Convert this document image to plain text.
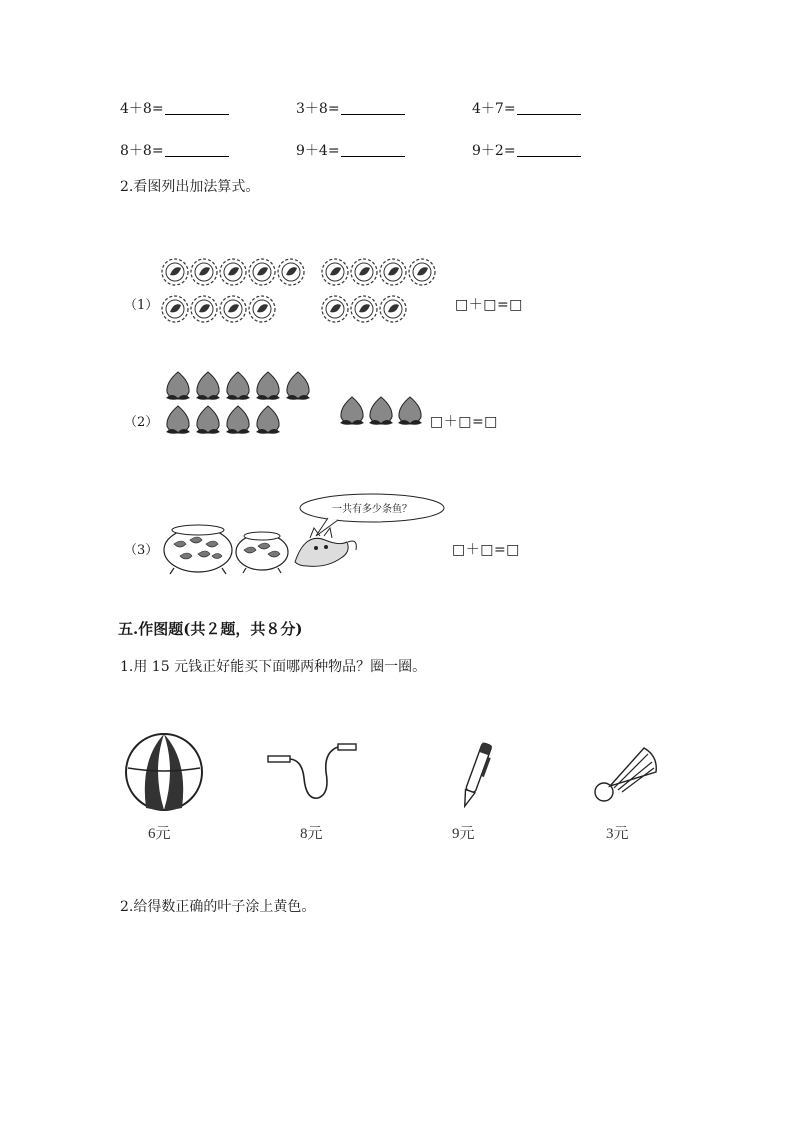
4＋8=	3＋8=	4＋7=
8＋8=	9＋4=	9＋2=
2.看图列出加法算式。
（1）	□＋□=□
（2）	□＋□=□
（3）
一共有多少条鱼？
□＋□=□
五.作图题(共２题，共８分)
1.用 15 元钱正好能买下面哪两种物品？圈一圈。
6元	8元	9元	3元
2.给得数正确的叶子涂上黄色。
